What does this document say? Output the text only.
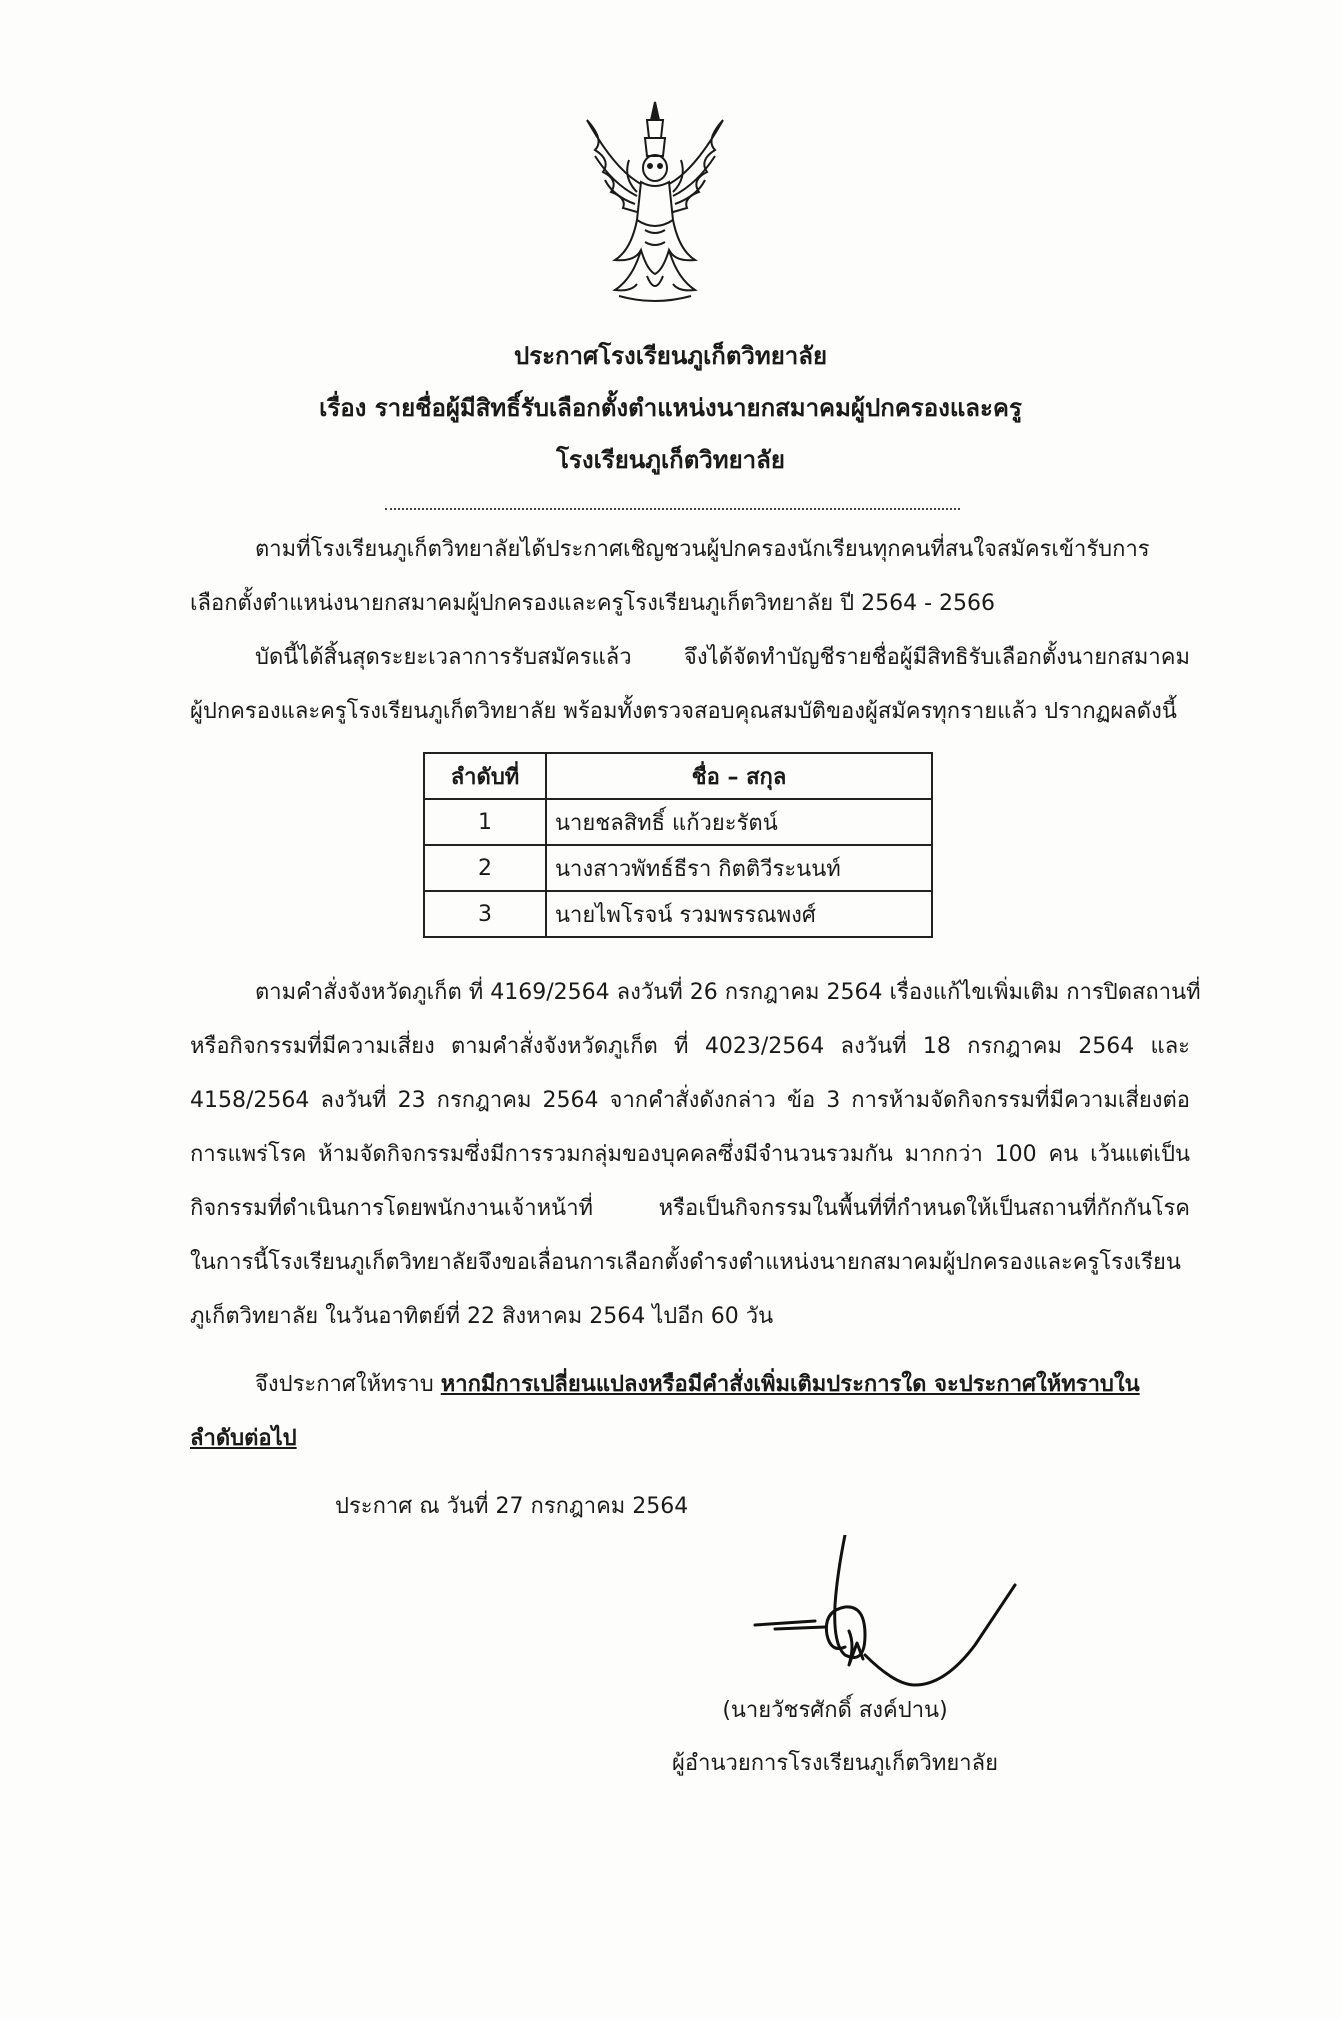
ประกาศโรงเรียนภูเก็ตวิทยาลัย
เรื่อง รายชื่อผู้มีสิทธิ์รับเลือกตั้งตำแหน่งนายกสมาคมผู้ปกครองและครู
โรงเรียนภูเก็ตวิทยาลัย
ตามที่โรงเรียนภูเก็ตวิทยาลัยได้ประกาศเชิญชวนผู้ปกครองนักเรียนทุกคนที่สนใจสมัครเข้ารับการ
เลือกตั้งตำแหน่งนายกสมาคมผู้ปกครองและครูโรงเรียนภูเก็ตวิทยาลัย ปี 2564 - 2566
บัดนี้ได้สิ้นสุดระยะเวลาการรับสมัครแล้ว จึงได้จัดทำบัญชีรายชื่อผู้มีสิทธิรับเลือกตั้งนายกสมาคม
ผู้ปกครองและครูโรงเรียนภูเก็ตวิทยาลัย พร้อมทั้งตรวจสอบคุณสมบัติของผู้สมัครทุกรายแล้ว ปรากฏผลดังนี้
ลำดับที่	ชื่อ – สกุล
1	นายชลสิทธิ์ แก้วยะรัตน์
2	นางสาวพัทธ์ธีรา กิตติวีระนนท์
3	นายไพโรจน์ รวมพรรณพงศ์
ตามคำสั่งจังหวัดภูเก็ต ที่ 4169/2564 ลงวันที่ 26 กรกฎาคม 2564 เรื่องแก้ไขเพิ่มเติม การปิดสถานที่
หรือกิจกรรมที่มีความเสี่ยง ตามคำสั่งจังหวัดภูเก็ต ที่ 4023/2564 ลงวันที่ 18 กรกฎาคม 2564 และ
4158/2564 ลงวันที่ 23 กรกฎาคม 2564 จากคำสั่งดังกล่าว ข้อ 3 การห้ามจัดกิจกรรมที่มีความเสี่ยงต่อ
การแพร่โรค ห้ามจัดกิจกรรมซึ่งมีการรวมกลุ่มของบุคคลซึ่งมีจำนวนรวมกัน มากกว่า 100 คน เว้นแต่เป็น
กิจกรรมที่ดำเนินการโดยพนักงานเจ้าหน้าที่ หรือเป็นกิจกรรมในพื้นที่ที่กำหนดให้เป็นสถานที่กักกันโรค
ในการนี้โรงเรียนภูเก็ตวิทยาลัยจึงขอเลื่อนการเลือกตั้งดำรงตำแหน่งนายกสมาคมผู้ปกครองและครูโรงเรียน
ภูเก็ตวิทยาลัย ในวันอาทิตย์ที่ 22 สิงหาคม 2564 ไปอีก 60 วัน
จึงประกาศให้ทราบ หากมีการเปลี่ยนแปลงหรือมีคำสั่งเพิ่มเติมประการใด จะประกาศให้ทราบใน
ลำดับต่อไป
ประกาศ ณ วันที่ 27 กรกฎาคม 2564
(นายวัชรศักดิ์ สงค์ปาน)
ผู้อำนวยการโรงเรียนภูเก็ตวิทยาลัย
